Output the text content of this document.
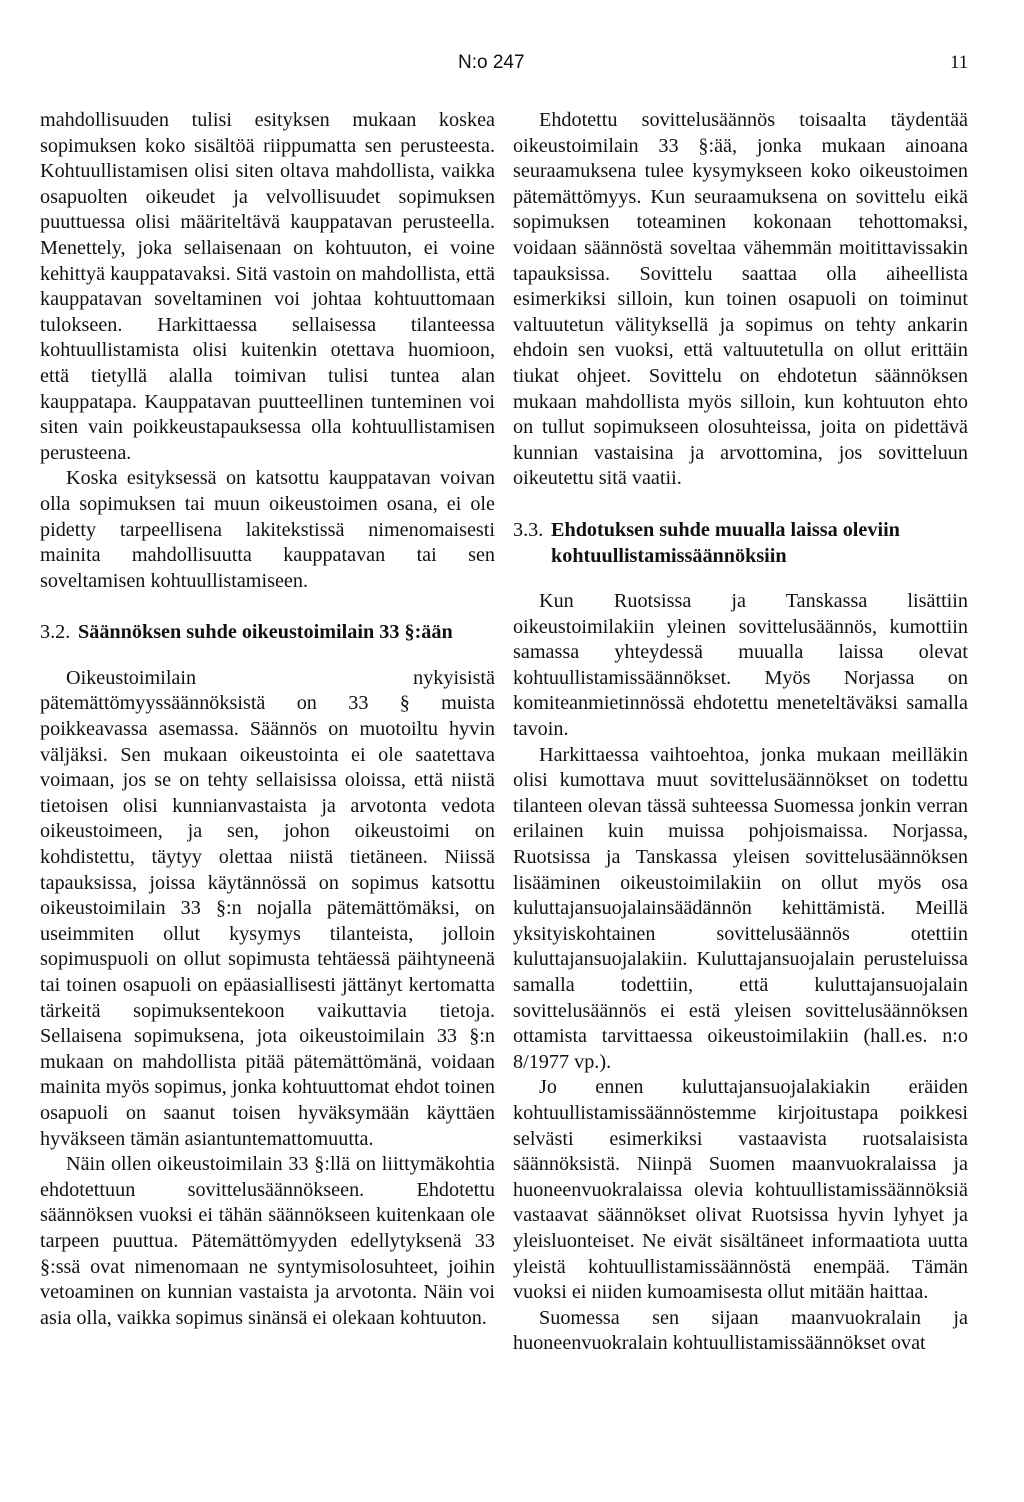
N:o 247	11

mahdollisuuden tulisi esityksen mukaan koskea sopimuksen koko sisältöä riippumatta sen perusteesta. Kohtuullistamisen olisi siten oltava mahdollista, vaikka osapuolten oikeudet ja velvollisuudet sopimuksen puuttuessa olisi määriteltävä kauppatavan perusteella. Menettely, joka sellaisenaan on kohtuuton, ei voine kehittyä kauppatavaksi. Sitä vastoin on mahdollista, että kauppatavan soveltaminen voi johtaa kohtuuttomaan tulokseen. Harkittaessa sellaisessa tilanteessa kohtuullistamista olisi kuitenkin otettava huomioon, että tietyllä alalla toimivan tulisi tuntea alan kauppatapa. Kauppatavan puutteellinen tunteminen voi siten vain poikkeustapauksessa olla kohtuullistamisen perusteena.

Koska esityksessä on katsottu kauppatavan voivan olla sopimuksen tai muun oikeustoimen osana, ei ole pidetty tarpeellisena lakitekstissä nimenomaisesti mainita mahdollisuutta kauppatavan tai sen soveltamisen kohtuullistamiseen.

3.2. Säännöksen suhde oikeustoimilain 33 §:ään

Oikeustoimilain nykyisistä pätemättömyyssäännöksistä on 33 § muista poikkeavassa asemassa. Säännös on muotoiltu hyvin väljäksi. Sen mukaan oikeustointa ei ole saatettava voimaan, jos se on tehty sellaisissa oloissa, että niistä tietoisen olisi kunnianvastaista ja arvotonta vedota oikeustoimeen, ja sen, johon oikeustoimi on kohdistettu, täytyy olettaa niistä tietäneen. Niissä tapauksissa, joissa käytännössä on sopimus katsottu oikeustoimilain 33 §:n nojalla pätemättömäksi, on useimmiten ollut kysymys tilanteista, jolloin sopimuspuoli on ollut sopimusta tehtäessä päihtyneenä tai toinen osapuoli on epäasiallisesti jättänyt kertomatta tärkeitä sopimuksentekoon vaikuttavia tietoja. Sellaisena sopimuksena, jota oikeustoimilain 33 §:n mukaan on mahdollista pitää pätemättömänä, voidaan mainita myös sopimus, jonka kohtuuttomat ehdot toinen osapuoli on saanut toisen hyväksymään käyttäen hyväkseen tämän asiantuntemattomuutta.

Näin ollen oikeustoimilain 33 §:llä on liittymäkohtia ehdotettuun sovittelusäännökseen. Ehdotettu säännöksen vuoksi ei tähän säännökseen kuitenkaan ole tarpeen puuttua. Pätemättömyyden edellytyksenä 33 §:ssä ovat nimenomaan ne syntymisolosuhteet, joihin vetoaminen on kunnian vastaista ja arvotonta. Näin voi asia olla, vaikka sopimus sinänsä ei olekaan kohtuuton.

Ehdotettu sovittelusäännös toisaalta täydentää oikeustoimilain 33 §:ää, jonka mukaan ainoana seuraamuksena tulee kysymykseen koko oikeustoimen pätemättömyys. Kun seuraamuksena on sovittelu eikä sopimuksen toteaminen kokonaan tehottomaksi, voidaan säännöstä soveltaa vähemmän moitittavissakin tapauksissa. Sovittelu saattaa olla aiheellista esimerkiksi silloin, kun toinen osapuoli on toiminut valtuutetun välityksellä ja sopimus on tehty ankarin ehdoin sen vuoksi, että valtuutetulla on ollut erittäin tiukat ohjeet. Sovittelu on ehdotetun säännöksen mukaan mahdollista myös silloin, kun kohtuuton ehto on tullut sopimukseen olosuhteissa, joita on pidettävä kunnian vastaisina ja arvottomina, jos sovitteluun oikeutettu sitä vaatii.

3.3. Ehdotuksen suhde muualla laissa oleviin kohtuullistamissäännöksiin

Kun Ruotsissa ja Tanskassa lisättiin oikeustoimilakiin yleinen sovittelusäännös, kumottiin samassa yhteydessä muualla laissa olevat kohtuullistamissäännökset. Myös Norjassa on komiteanmietinnössä ehdotettu meneteltäväksi samalla tavoin.

Harkittaessa vaihtoehtoa, jonka mukaan meilläkin olisi kumottava muut sovittelusäännökset on todettu tilanteen olevan tässä suhteessa Suomessa jonkin verran erilainen kuin muissa pohjoismaissa. Norjassa, Ruotsissa ja Tanskassa yleisen sovittelusäännöksen lisääminen oikeustoimilakiin on ollut myös osa kuluttajansuojalainsäädännön kehittämistä. Meillä yksityiskohtainen sovittelusäännös otettiin kuluttajansuojalakiin. Kuluttajansuojalain perusteluissa samalla todettiin, että kuluttajansuojalain sovittelusäännös ei estä yleisen sovittelusäännöksen ottamista tarvittaessa oikeustoimilakiin (hall.es. n:o 8/1977 vp.).

Jo ennen kuluttajansuojalakiakin eräiden kohtuullistamissäännöstemme kirjoitustapa poikkesi selvästi esimerkiksi vastaavista ruotsalaisista säännöksistä. Niinpä Suomen maanvuokralaissa ja huoneenvuokralaissa olevia kohtuullistamissäännöksiä vastaavat säännökset olivat Ruotsissa hyvin lyhyet ja yleisluonteiset. Ne eivät sisältäneet informaatiota uutta yleistä kohtuullistamissäännöstä enempää. Tämän vuoksi ei niiden kumoamisesta ollut mitään haittaa.

Suomessa sen sijaan maanvuokralain ja huoneenvuokralain kohtuullistamissäännökset ovat
